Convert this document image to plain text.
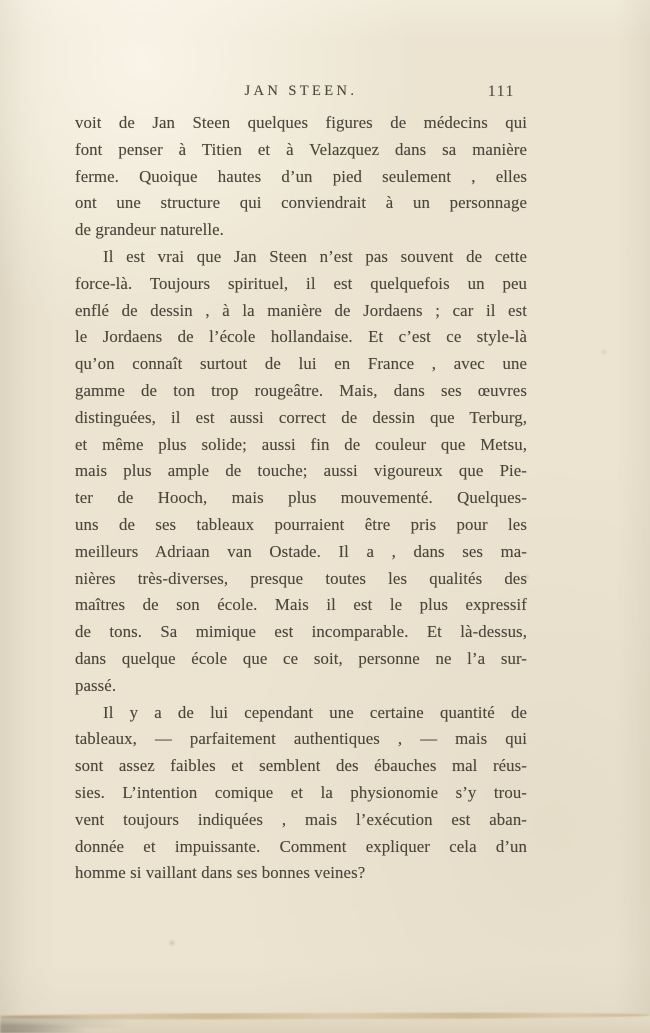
JAN STEEN.	111
voit de Jan Steen quelques figures de médecins qui
font penser à Titien et à Velazquez dans sa manière
ferme. Quoique hautes d’un pied seulement , elles
ont une structure qui conviendrait à un personnage
de grandeur naturelle.
Il est vrai que Jan Steen n’est pas souvent de cette
force-là. Toujours spirituel, il est quelquefois un peu
enflé de dessin , à la manière de Jordaens ; car il est
le Jordaens de l’école hollandaise. Et c’est ce style-là
qu’on connaît surtout de lui en France , avec une
gamme de ton trop rougeâtre. Mais, dans ses œuvres
distinguées, il est aussi correct de dessin que Terburg,
et même plus solide; aussi fin de couleur que Metsu,
mais plus ample de touche; aussi vigoureux que Pie-
ter de Hooch, mais plus mouvementé. Quelques-
uns de ses tableaux pourraient être pris pour les
meilleurs Adriaan van Ostade. Il a , dans ses ma-
nières très-diverses, presque toutes les qualités des
maîtres de son école. Mais il est le plus expressif
de tons. Sa mimique est incomparable. Et là-dessus,
dans quelque école que ce soit, personne ne l’a sur-
passé.
Il y a de lui cependant une certaine quantité de
tableaux, — parfaitement authentiques , — mais qui
sont assez faibles et semblent des ébauches mal réus-
sies. L’intention comique et la physionomie s’y trou-
vent toujours indiquées , mais l’exécution est aban-
donnée et impuissante. Comment expliquer cela d’un
homme si vaillant dans ses bonnes veines?
